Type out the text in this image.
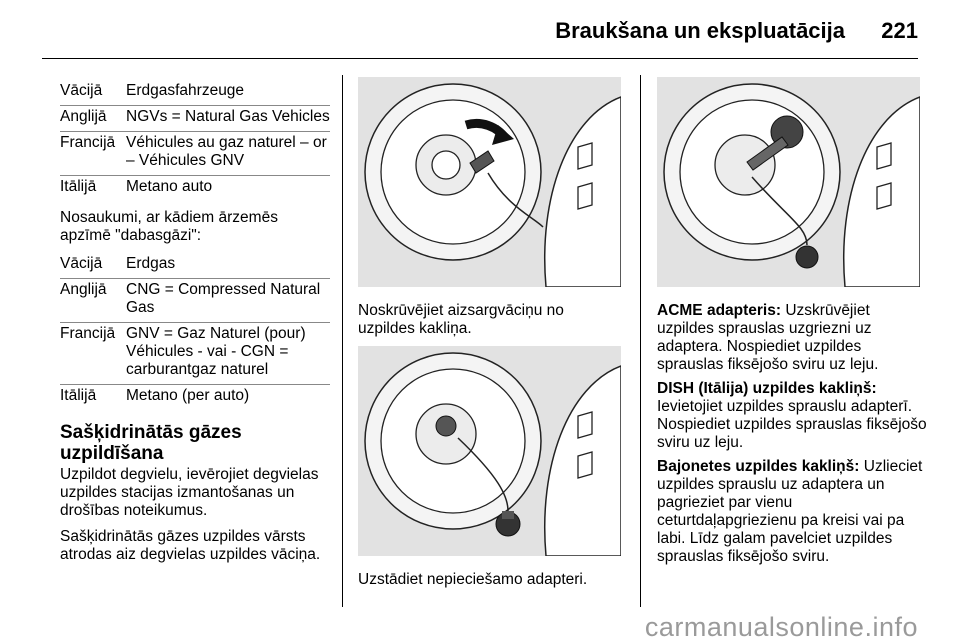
Braukšana un ekspluatācija 221
Vācijā	Erdgasfahrzeuge
Anglijā	NGVs = Natural Gas Vehicles
Francijā Véhicules au gaz naturel – or – Véhicules GNV
Itālijā	Metano auto

Nosaukumi, ar kādiem ārzemēs apzīmē "dabasgāzi":

Vācijā	Erdgas
Anglijā	CNG = Compressed Natural Gas
Francijā GNV = Gaz Naturel (pour) Véhicules - vai - CGN = carburantgaz naturel
Itālijā	Metano (per auto)
Sašķidrinātās gāzes uzpildīšana

Uzpildot degvielu, ievērojiet degvielas uzpildes stacijas izmantošanas un drošības noteikumus.

Sašķidrinātās gāzes uzpildes vārsts atrodas aiz degvielas uzpildes vāciņa.

Noskrūvējiet aizsargvāciņu no uzpildes kakliņa.
Uzstādiet nepieciešamo adapteri.

ACME adapteris: Uzskrūvējiet uzpildes sprauslas uzgriezni uz adaptera. Nospiediet uzpildes sprauslas fiksējošo sviru uz leju.

DISH (Itālija) uzpildes kakliņš:
Ievietojiet uzpildes sprauslu adapterī. Nospiediet uzpildes sprauslas fiksējošo sviru uz leju.

Bajonetes uzpildes kakliņš: Uzlieciet uzpildes sprauslu uz adaptera un pagrieziet par vienu ceturtdaļapgriezienu pa kreisi vai pa labi. Līdz galam pavelciet uzpildes sprauslas fiksējošo sviru.

carmanualsonline.info
